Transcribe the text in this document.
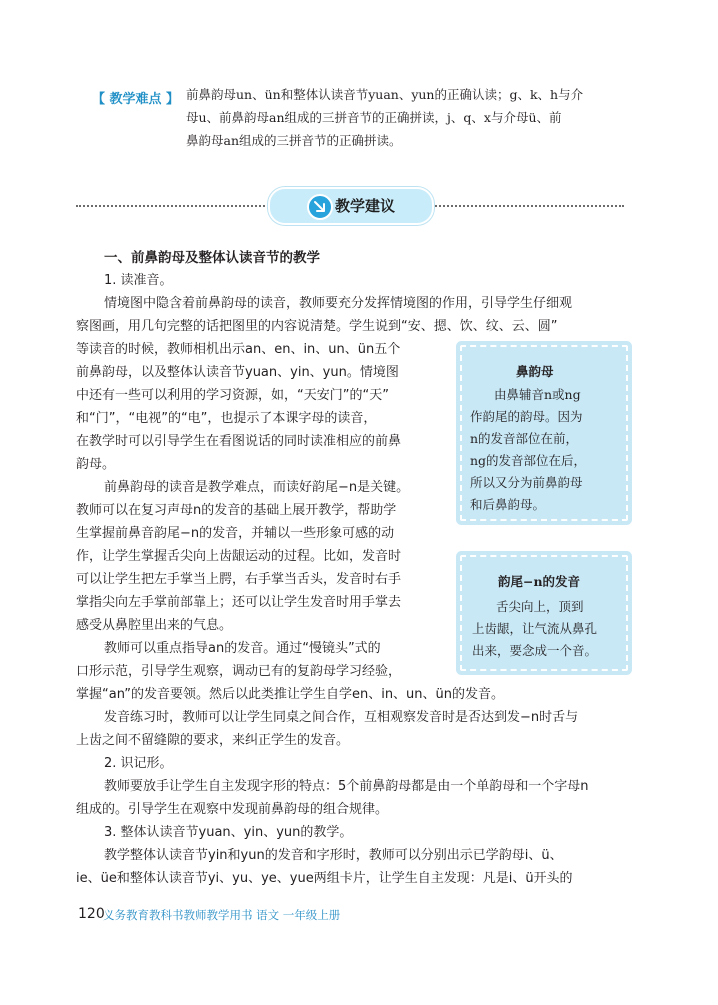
【 教学难点 】 前鼻韵母un、ün和整体认读音节yuan、yun的正确认读；g、k、h与介
母u、前鼻韵母an组成的三拼音节的正确拼读，j、q、x与介母ü、前
鼻韵母an组成的三拼音节的正确拼读。
教学建议
一、前鼻韵母及整体认读音节的教学
1. 读准音。
情境图中隐含着前鼻韵母的读音，教师要充分发挥情境图的作用，引导学生仔细观
察图画，用几句完整的话把图里的内容说清楚。学生说到“安、摁、饮、纹、云、圆”
等读音的时候，教师相机出示an、en、in、un、ün五个
前鼻韵母，以及整体认读音节yuan、yin、yun。情境图
中还有一些可以利用的学习资源，如，“天安门”的“天”
和“门”，“电视”的“电”，也提示了本课字母的读音，
在教学时可以引导学生在看图说话的同时读准相应的前鼻
韵母。
前鼻韵母的读音是教学难点，而读好韵尾−n是关键。
教师可以在复习声母n的发音的基础上展开教学，帮助学
生掌握前鼻音韵尾−n的发音，并辅以一些形象可感的动
作，让学生掌握舌尖向上齿龈运动的过程。比如，发音时
可以让学生把左手掌当上腭，右手掌当舌头，发音时右手
掌指尖向左手掌前部靠上；还可以让学生发音时用手掌去
感受从鼻腔里出来的气息。
教师可以重点指导an的发音。通过“慢镜头”式的
口形示范，引导学生观察，调动已有的复韵母学习经验，
掌握“an”的发音要领。然后以此类推让学生自学en、in、un、ün的发音。
发音练习时，教师可以让学生同桌之间合作，互相观察发音时是否达到发−n时舌与
上齿之间不留缝隙的要求，来纠正学生的发音。
2. 识记形。
教师要放手让学生自主发现字形的特点：5个前鼻韵母都是由一个单韵母和一个字母n
组成的。引导学生在观察中发现前鼻韵母的组合规律。
3. 整体认读音节yuan、yin、yun的教学。
教学整体认读音节yin和yun的发音和字形时，教师可以分别出示已学韵母i、ü、
ie、üe和整体认读音节yi、yu、ye、yue两组卡片，让学生自主发现：凡是i、ü开头的
鼻韵母
由鼻辅音n或ng
作韵尾的韵母。因为
n的发音部位在前，
ng的发音部位在后，
所以又分为前鼻韵母
和后鼻韵母。
韵尾−n的发音
舌尖向上，顶到
上齿龈，让气流从鼻孔
出来，要念成一个音。
120
义务教育教科书教师教学用书 语文 一年级上册
